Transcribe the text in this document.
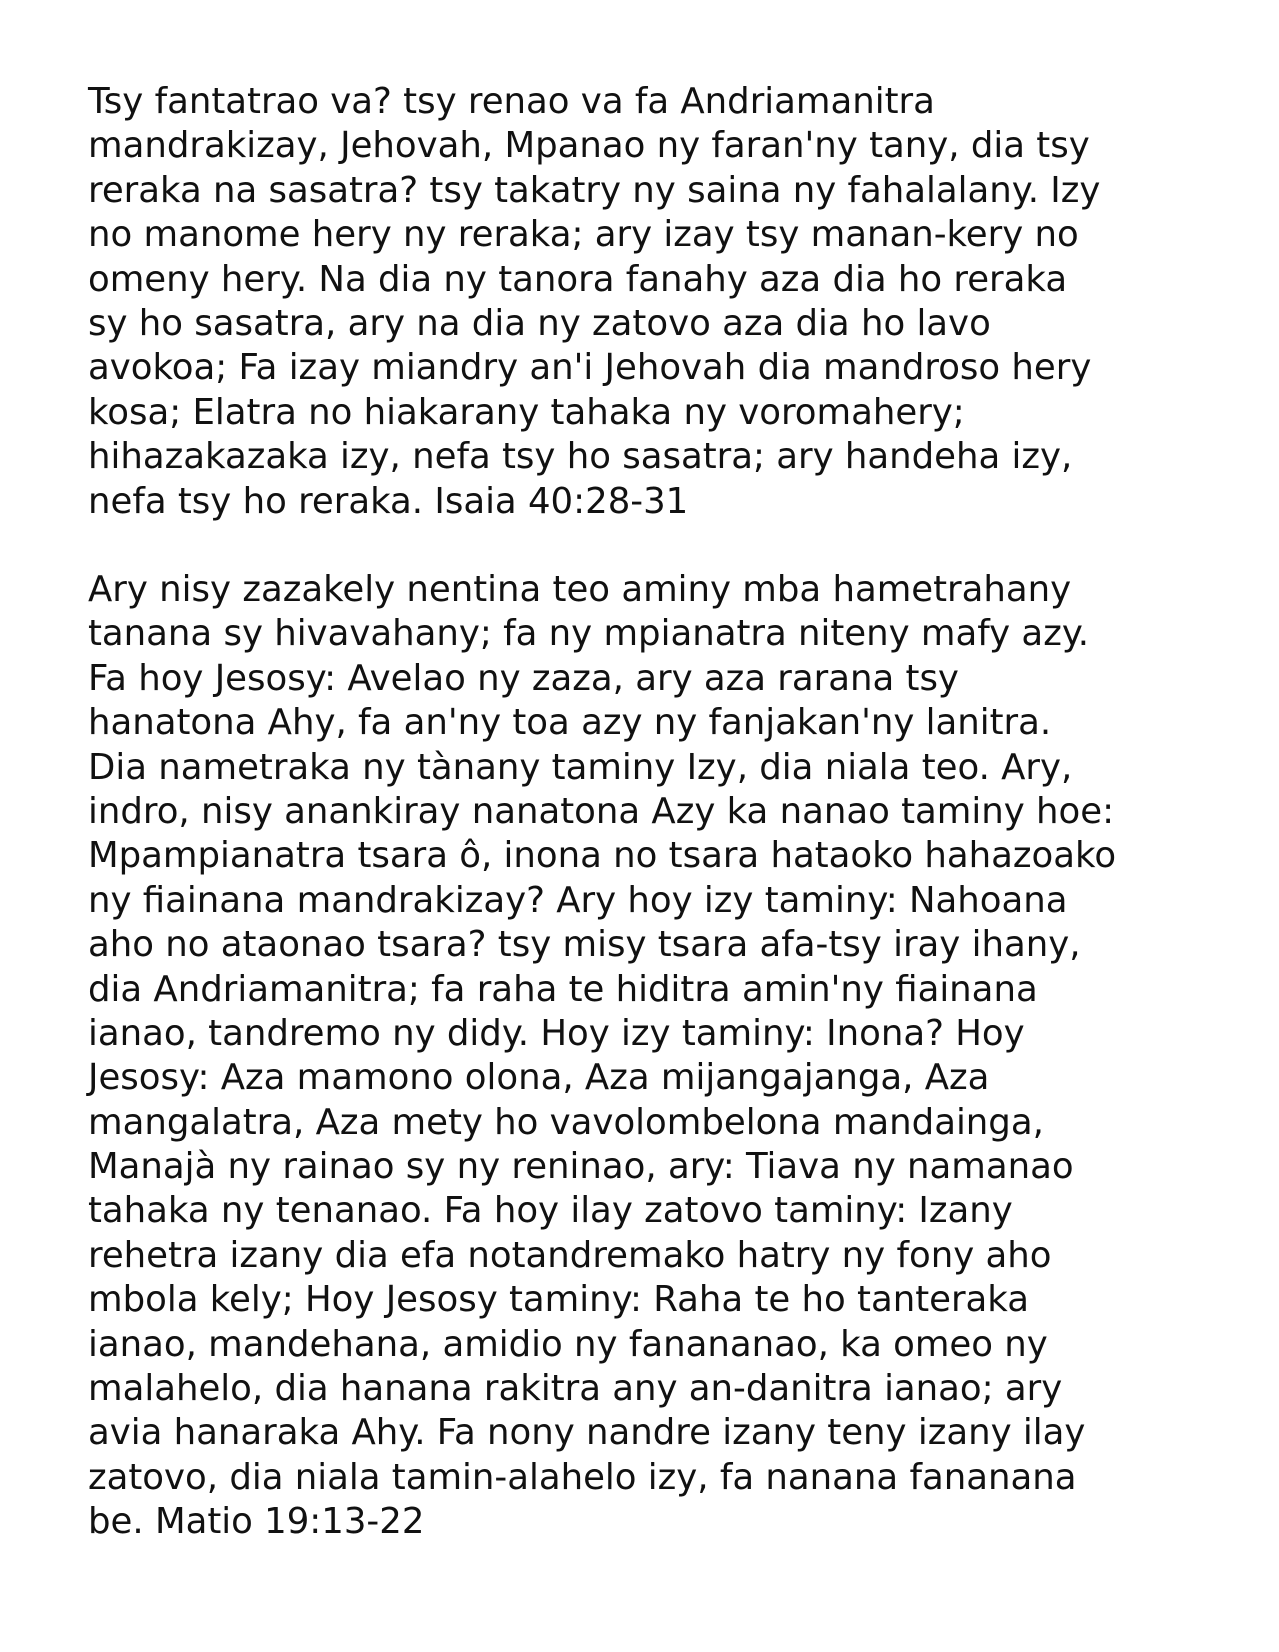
Tsy fantatrao va? tsy renao va fa Andriamanitra
mandrakizay, Jehovah, Mpanao ny faran'ny tany, dia tsy
reraka na sasatra? tsy takatry ny saina ny fahalalany. Izy
no manome hery ny reraka; ary izay tsy manan-kery no
omeny hery. Na dia ny tanora fanahy aza dia ho reraka
sy ho sasatra, ary na dia ny zatovo aza dia ho lavo
avokoa; Fa izay miandry an'i Jehovah dia mandroso hery
kosa; Elatra no hiakarany tahaka ny voromahery;
hihazakazaka izy, nefa tsy ho sasatra; ary handeha izy,
nefa tsy ho reraka. Isaia 40:28-31

Ary nisy zazakely nentina teo aminy mba hametrahany
tanana sy hivavahany; fa ny mpianatra niteny mafy azy.
Fa hoy Jesosy: Avelao ny zaza, ary aza rarana tsy
hanatona Ahy, fa an'ny toa azy ny fanjakan'ny lanitra.
Dia nametraka ny tànany taminy Izy, dia niala teo. Ary,
indro, nisy anankiray nanatona Azy ka nanao taminy hoe:
Mpampianatra tsara ô, inona no tsara hataoko hahazoako
ny fiainana mandrakizay? Ary hoy izy taminy: Nahoana
aho no ataonao tsara? tsy misy tsara afa-tsy iray ihany,
dia Andriamanitra; fa raha te hiditra amin'ny fiainana
ianao, tandremo ny didy. Hoy izy taminy: Inona? Hoy
Jesosy: Aza mamono olona, Aza mijangajanga, Aza
mangalatra, Aza mety ho vavolombelona mandainga,
Manajà ny rainao sy ny reninao, ary: Tiava ny namanao
tahaka ny tenanao. Fa hoy ilay zatovo taminy: Izany
rehetra izany dia efa notandremako hatry ny fony aho
mbola kely; Hoy Jesosy taminy: Raha te ho tanteraka
ianao, mandehana, amidio ny fanananao, ka omeo ny
malahelo, dia hanana rakitra any an-danitra ianao; ary
avia hanaraka Ahy. Fa nony nandre izany teny izany ilay
zatovo, dia niala tamin-alahelo izy, fa nanana fananana
be. Matio 19:13-22
